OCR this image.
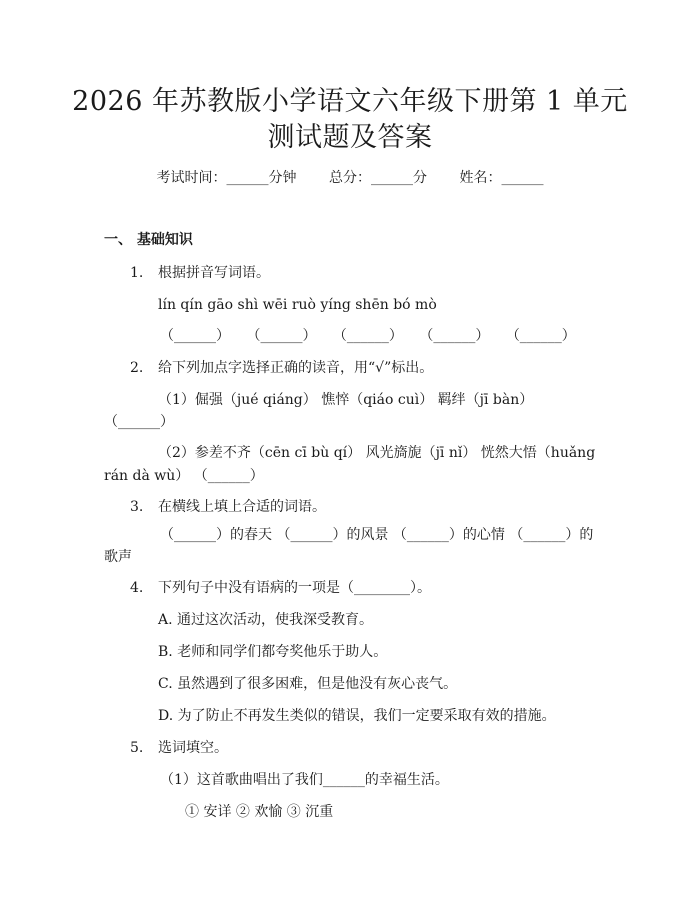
2026 年苏教版小学语文六年级下册第 1 单元
测试题及答案
考试时间：______分钟 总分：______分 姓名：______
一、 基础知识
1. 根据拼音写词语。
lín qín gāo shì wēi ruò yíng shēn bó mò
（______） （______） （______） （______） （______）
2. 给下列加点字选择正确的读音，用“√”标出。
（1）倔强（jué qiáng） 憔悴（qiáo cuì） 羁绊（jī bàn）
（______）
（2）参差不齐（cēn cī bù qí） 风光旖旎（jī nǐ） 恍然大悟（huǎng
rán dà wù） （______）
3. 在横线上填上合适的词语。
（______）的春天 （______）的风景 （______）的心情 （______）的
歌声
4. 下列句子中没有语病的一项是（________）。
A. 通过这次活动，使我深受教育。
B. 老师和同学们都夸奖他乐于助人。
C. 虽然遇到了很多困难，但是他没有灰心丧气。
D. 为了防止不再发生类似的错误，我们一定要采取有效的措施。
5. 选词填空。
（1）这首歌曲唱出了我们______的幸福生活。
① 安详 ② 欢愉 ③ 沉重
